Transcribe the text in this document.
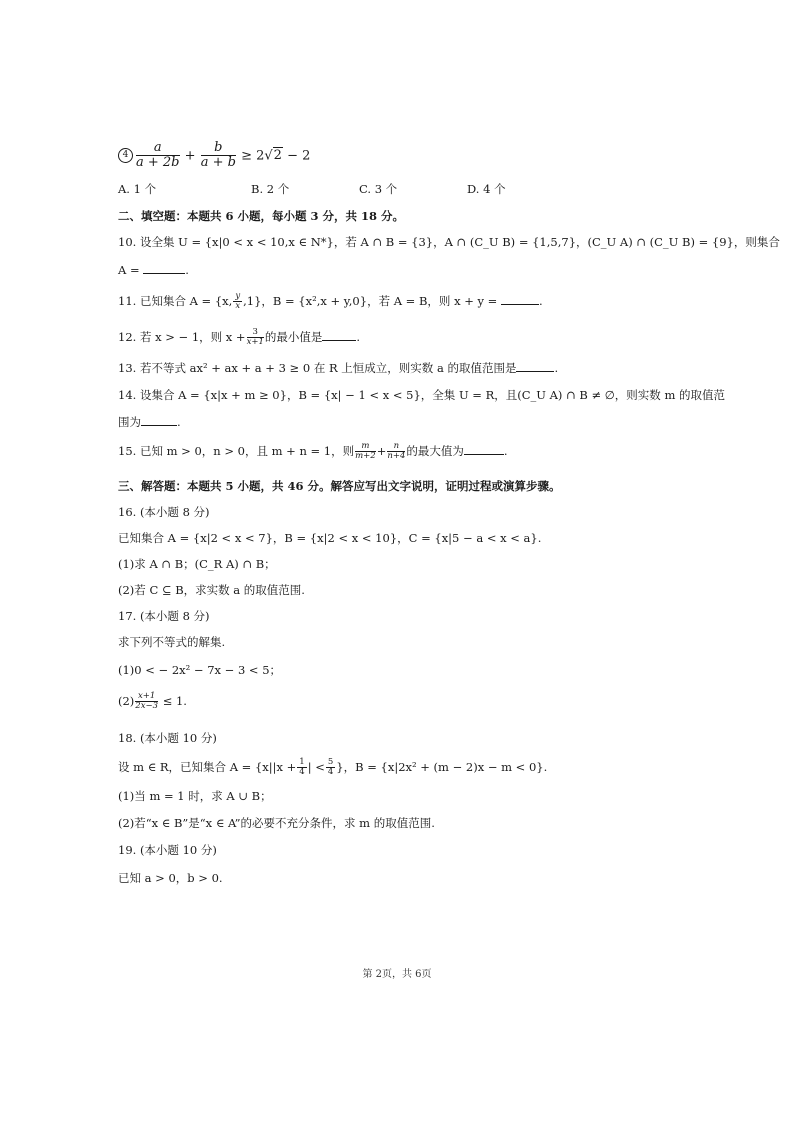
$4 \frac{a}{a + 2b} + \frac{b}{a + b} \ge 2√2 - 2$
A. 1 个	B. 2 个	C. 3 个	D. 4 个
二、填空题：本题共 6 小题，每小题 3 分，共 18 分。
10. 设全集 U = {x|0 < x < 10,x ∈ N*}，若 A ∩ B = {3}，A ∩ (C_U B) = {1,5,7}，(C_U A) ∩ (C_U B) = {9}，则集合
A =	.
11. 已知集合 A = {x, $\frac{y}{x} ,1$}，B = {x²,x + y,0}，若 A = B，则 x + y =	.
12. 若 x > − 1，则 $x + \frac{3}{x+1}$ 的最小值是	.
13. 若不等式 ax² + ax + a + 3 ≥ 0 在 R 上恒成立，则实数 a 的取值范围是	.
14. 设集合 A = {x|x + m ≥ 0}，B = {x| − 1 < x < 5}，全集 U = R，且(C_U A) ∩ B ≠ ∅，则实数 m 的取值范
围为	.
15. 已知 m > 0，n > 0，且 m + n = 1，则 $\frac{m}{m+2} + \frac{n}{n+4}$ 的最大值为	.
三、解答题：本题共 5 小题，共 46 分。解答应写出文字说明，证明过程或演算步骤。
16. (本小题 8 分)
已知集合 A = {x|2 < x < 7}，B = {x|2 < x < 10}，C = {x|5 − a < x < a}.
(1)求 A ∩ B；(C_R A) ∩ B；
(2)若 C ⊆ B，求实数 a 的取值范围.
17. (本小题 8 分)
求下列不等式的解集.
(1)0 < − 2x² − 7x − 3 < 5；
$(2) \frac{x+1}{2x-3} \le 1$.
18. (本小题 10 分)
设 m ∈ R，已知集合 $A = \{x||x + \frac{1}{4}$ | < $\frac{5}{4}$ }，B = {x|2x² + (m − 2)x − m < 0}.
(1)当 m = 1 时，求 A ∪ B；
(2)若“x ∈ B”是“x ∈ A”的必要不充分条件，求 m 的取值范围.
19. (本小题 10 分)
已知 a > 0，b > 0.
第 2页，共 6页
